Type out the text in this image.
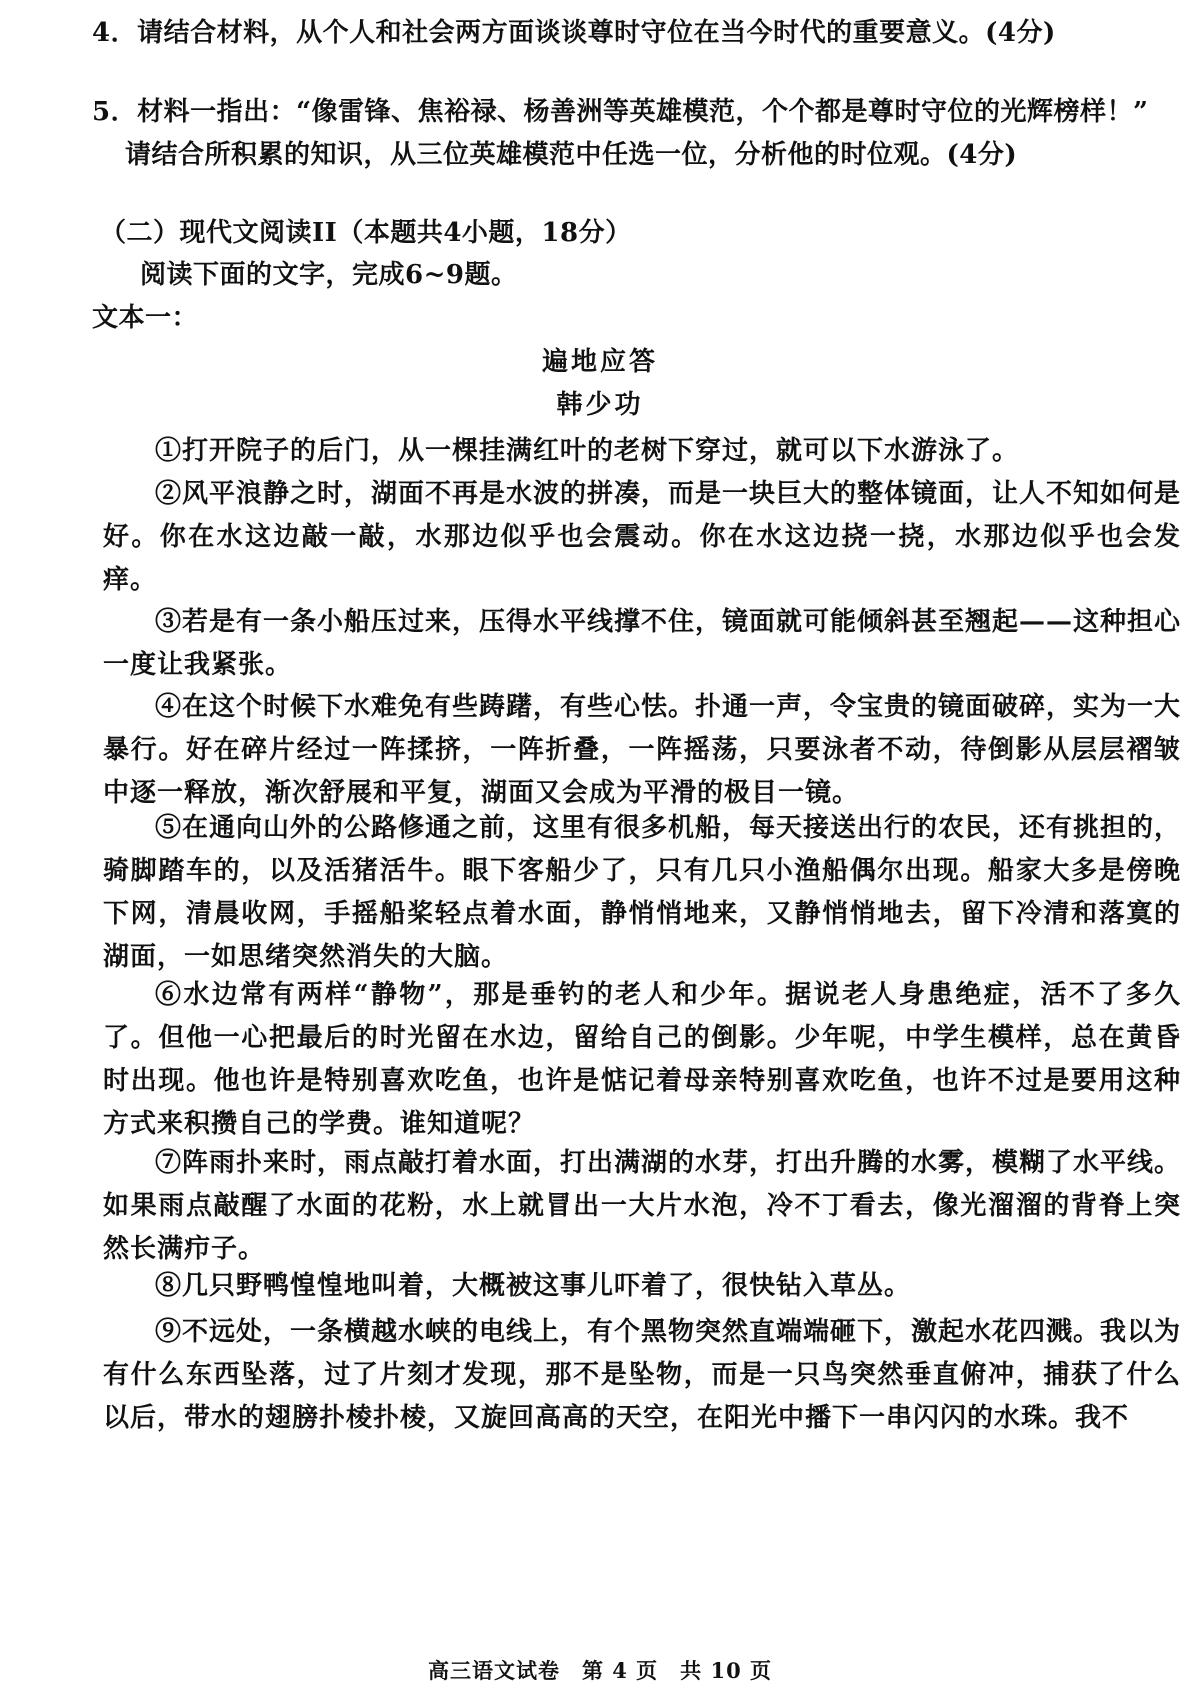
4．请结合材料，从个人和社会两方面谈谈尊时守位在当今时代的重要意义。(4分)
5．材料一指出：“像雷锋、焦裕禄、杨善洲等英雄模范，个个都是尊时守位的光辉榜样！”
请结合所积累的知识，从三位英雄模范中任选一位，分析他的时位观。(4分)
（二）现代文阅读II（本题共4小题，18分）
阅读下面的文字，完成6~9题。
文本一：
遍地应答
韩少功
①打开院子的后门，从一棵挂满红叶的老树下穿过，就可以下水游泳了。
②风平浪静之时，湖面不再是水波的拼凑，而是一块巨大的整体镜面，让人不知如何是好。你在水这边敲一敲，水那边似乎也会震动。你在水这边挠一挠，水那边似乎也会发痒。
③若是有一条小船压过来，压得水平线撑不住，镜面就可能倾斜甚至翘起——这种担心一度让我紧张。
④在这个时候下水难免有些踌躇，有些心怯。扑通一声，令宝贵的镜面破碎，实为一大暴行。好在碎片经过一阵揉挤，一阵折叠，一阵摇荡，只要泳者不动，待倒影从层层褶皱中逐一释放，渐次舒展和平复，湖面又会成为平滑的极目一镜。
⑤在通向山外的公路修通之前，这里有很多机船，每天接送出行的农民，还有挑担的，骑脚踏车的，以及活猪活牛。眼下客船少了，只有几只小渔船偶尔出现。船家大多是傍晚下网，清晨收网，手摇船桨轻点着水面，静悄悄地来，又静悄悄地去，留下冷清和落寞的湖面，一如思绪突然消失的大脑。
⑥水边常有两样“静物”，那是垂钓的老人和少年。据说老人身患绝症，活不了多久了。但他一心把最后的时光留在水边，留给自己的倒影。少年呢，中学生模样，总在黄昏时出现。他也许是特别喜欢吃鱼，也许是惦记着母亲特别喜欢吃鱼，也许不过是要用这种方式来积攒自己的学费。谁知道呢？
⑦阵雨扑来时，雨点敲打着水面，打出满湖的水芽，打出升腾的水雾，模糊了水平线。如果雨点敲醒了水面的花粉，水上就冒出一大片水泡，冷不丁看去，像光溜溜的背脊上突然长满疖子。
⑧几只野鸭惶惶地叫着，大概被这事儿吓着了，很快钻入草丛。
⑨不远处，一条横越水峡的电线上，有个黑物突然直端端砸下，激起水花四溅。我以为有什么东西坠落，过了片刻才发现，那不是坠物，而是一只鸟突然垂直俯冲，捕获了什么以后，带水的翅膀扑棱扑棱，又旋回高高的天空，在阳光中播下一串闪闪的水珠。我不
高三语文试卷　第 4 页　共 10 页
